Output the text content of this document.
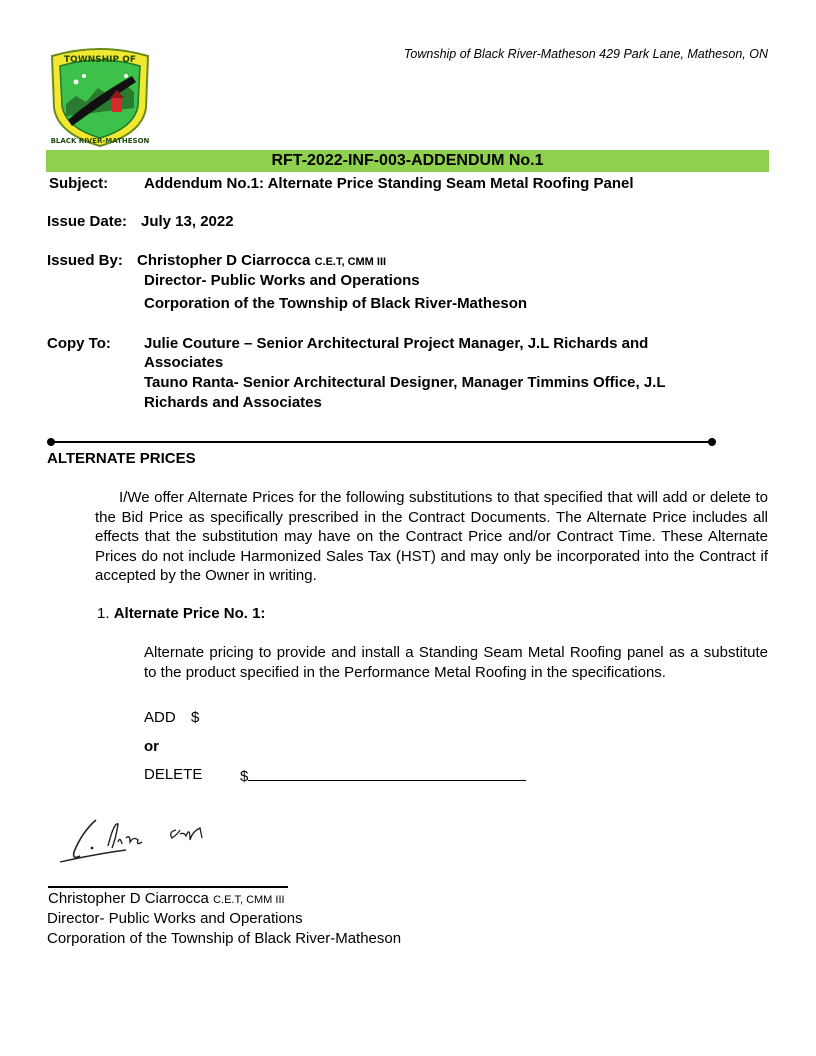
Township of Black River-Matheson 429 Park Lane, Matheson, ON
TOWNSHIP OF
BLACK RIVER-MATHESON
RFT-2022-INF-003-ADDENDUM No.1
Subject: Addendum No.1: Alternate Price Standing Seam Metal Roofing Panel
Issue Date: July 13, 2022
Issued By: Christopher D Ciarrocca C.E.T, CMM III
Director- Public Works and Operations
Corporation of the Township of Black River-Matheson
Copy To: Julie Couture – Senior Architectural Project Manager, J.L Richards and
Associates
Tauno Ranta- Senior Architectural Designer, Manager Timmins Office, J.L
Richards and Associates
ALTERNATE PRICES
I/We offer Alternate Prices for the following substitutions to that specified that will add or delete to the Bid Price as specifically prescribed in the Contract Documents. The Alternate Price includes all effects that the substitution may have on the Contract Price and/or Contract Time. These Alternate Prices do not include Harmonized Sales Tax (HST) and may only be incorporated into the Contract if accepted by the Owner in writing.
1. Alternate Price No. 1:
Alternate pricing to provide and install a Standing Seam Metal Roofing panel as a substitute to the product specified in the Performance Metal Roofing in the specifications.
ADD $
or
DELETE	$
Christopher D Ciarrocca C.E.T, CMM III
Director- Public Works and Operations
Corporation of the Township of Black River-Matheson
